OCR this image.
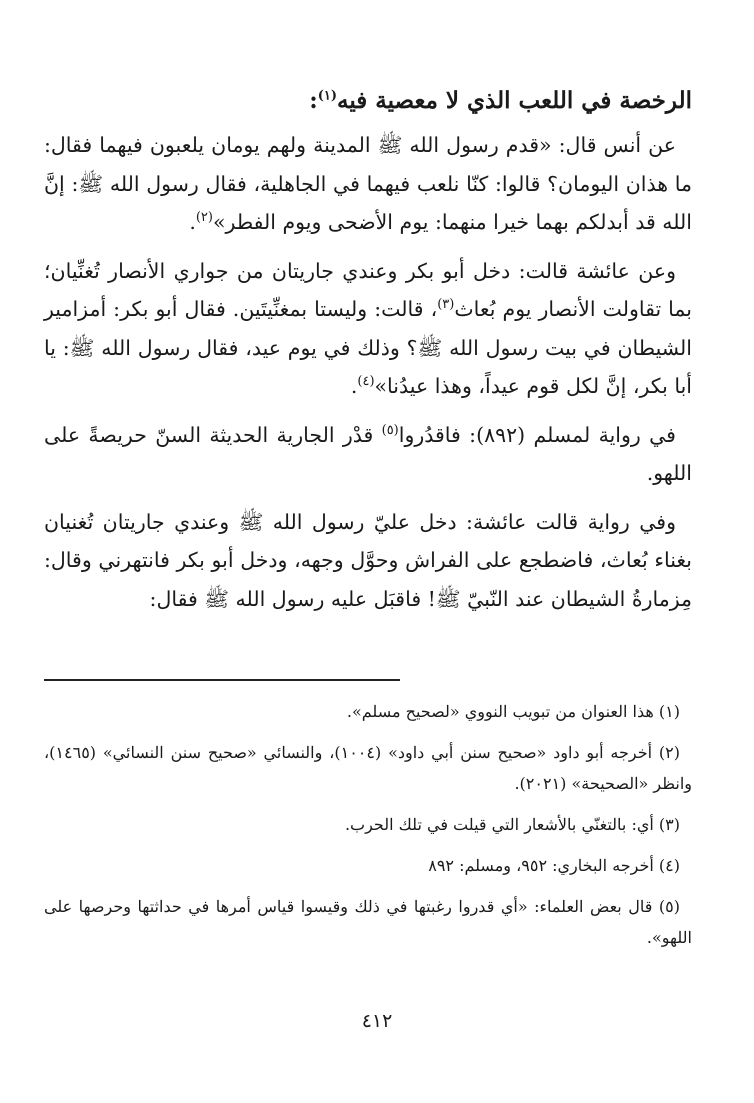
الرخصة في اللعب الذي لا معصية فيه$^{(١)}$:

عن أنس قال: «قدم رسول الله ﷺ المدينة ولهم يومان يلعبون فيهما فقال: ما هذان اليومان؟ قالوا: كنّا نلعب فيهما في الجاهلية، فقال رسول الله ﷺ: إنَّ الله قد أبدلكم بهما خيرا منهما: يوم الأضحى ويوم الفطر»$^{(٢)}$.

وعن عائشة قالت: دخل أبو بكر وعندي جاريتان من جواري الأنصار تُغنِّيان؛ بما تقاولت الأنصار يوم بُعاث$^{(٣)}$، قالت: وليستا بمغنِّيتَين. فقال أبو بكر: أمزامير الشيطان في بيت رسول الله ﷺ؟ وذلك في يوم عيد، فقال رسول الله ﷺ: يا أبا بكر، إنَّ لكل قوم عيداً، وهذا عيدُنا»$^{(٤)}$.

في رواية لمسلم (٨٩٢): فاقدُروا$^{(٥)}$ قدْر الجارية الحديثة السنّ حريصةً على اللهو.

وفي رواية قالت عائشة: دخل عليّ رسول الله ﷺ وعندي جاريتان تُغنيان بغناء بُعاث، فاضطجع على الفراش وحوَّل وجهه، ودخل أبو بكر فانتهرني وقال: مِزمارةُ الشيطان عند النّبيّ ﷺ! فاقبَل عليه رسول الله ﷺ فقال:

(١) هذا العنوان من تبويب النووي «لصحيح مسلم».

(٢) أخرجه أبو داود «صحيح سنن أبي داود» (١٠٠٤)، والنسائي «صحيح سنن النسائي» (١٤٦٥)، وانظر «الصحيحة» (٢٠٢١).

(٣) أي: بالتغنّي بالأشعار التي قيلت في تلك الحرب.

(٤) أخرجه البخاري: ٩٥٢، ومسلم: ٨٩٢

(٥) قال بعض العلماء: «أي قدروا رغبتها في ذلك وقيسوا قياس أمرها في حداثتها وحرصها على اللهو».

٤١٢
